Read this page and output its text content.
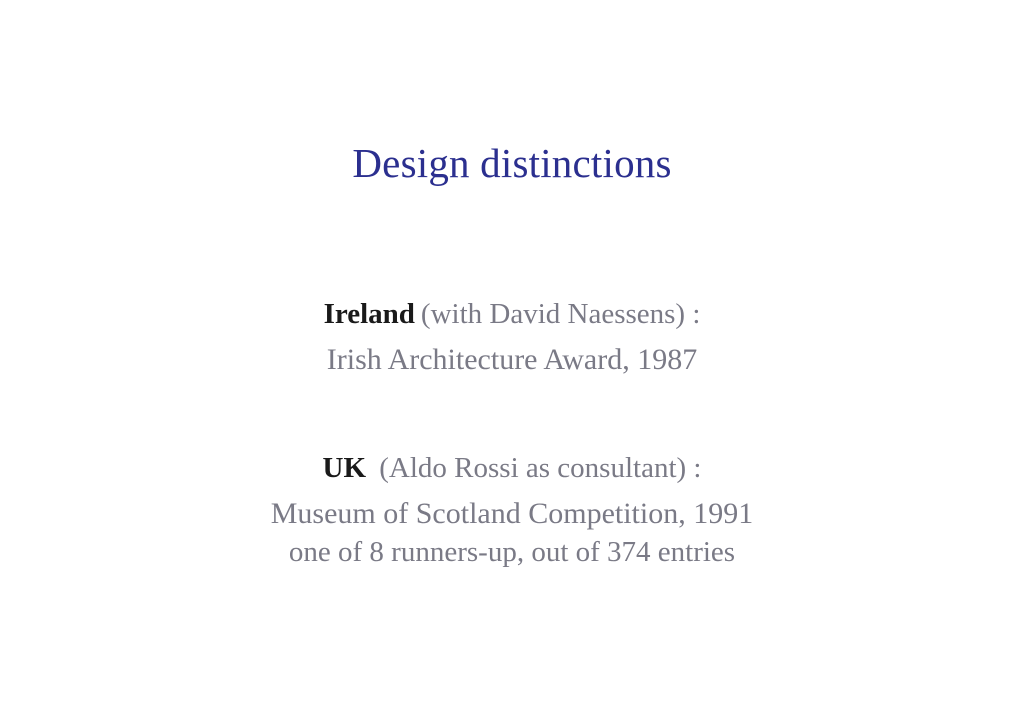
Design distinctions
Ireland (with David Naessens) :
Irish Architecture Award, 1987
UK (Aldo Rossi as consultant) :
Museum of Scotland Competition, 1991
one of 8 runners-up, out of 374 entries
